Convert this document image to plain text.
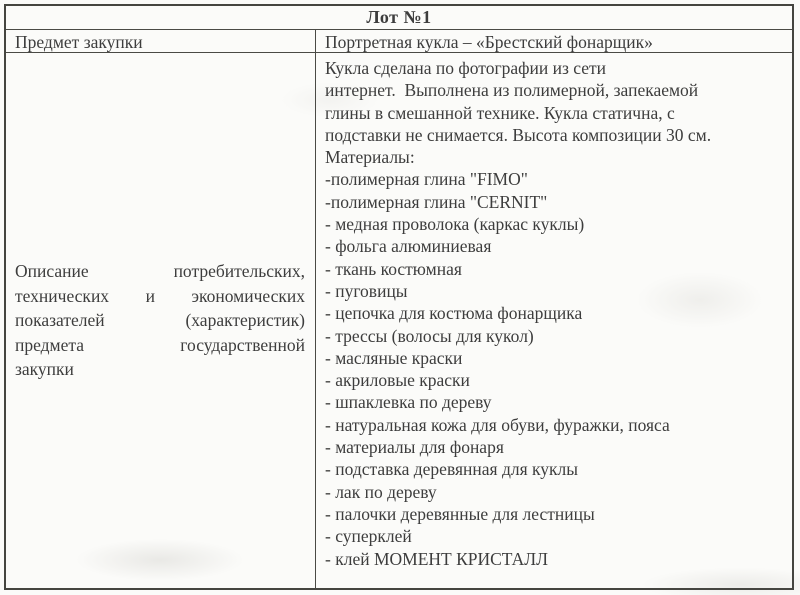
Лот №1
Предмет закупки	Портретная кукла – «Брестский фонарщик»
Описание потребительских,
технических и экономических
показателей (характеристик)
предмета государственной
закупки
Кукла сделана по фотографии из сети
интернет.  Выполнена из полимерной, запекаемой
глины в смешанной технике. Кукла статична, с
подставки не снимается. Высота композиции 30 см.
Материалы:
-полимерная глина "FIMO"
-полимерная глина "CERNIT"
- медная проволока (каркас куклы)
- фольга алюминиевая
- ткань костюмная
- пуговицы
- цепочка для костюма фонарщика
- трессы (волосы для кукол)
- масляные краски
- акриловые краски
- шпаклевка по дереву
- натуральная кожа для обуви, фуражки, пояса
- материалы для фонаря
- подставка деревянная для куклы
- лак по дереву
- палочки деревянные для лестницы
- суперклей
- клей МОМЕНТ КРИСТАЛЛ
